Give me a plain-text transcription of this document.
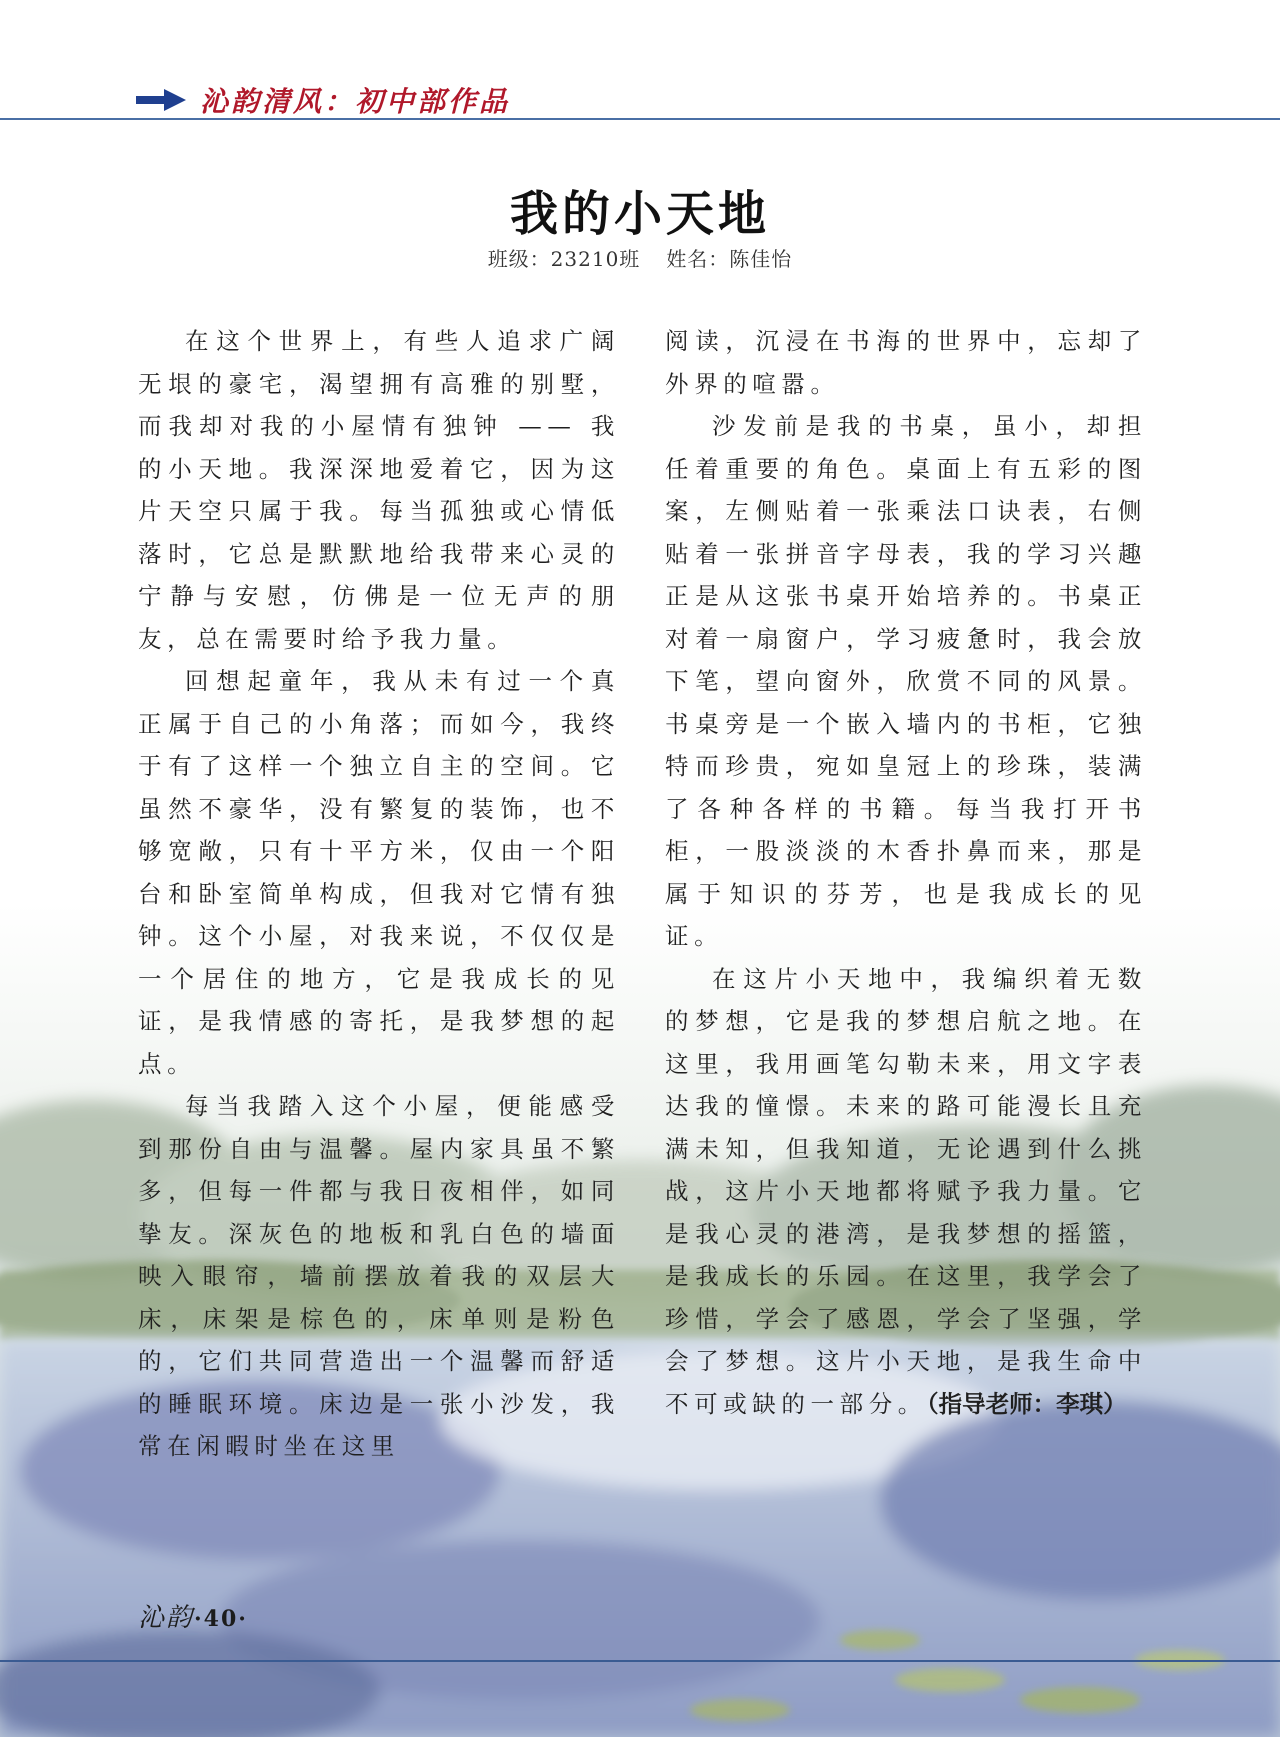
沁韵清风：初中部作品
我的小天地
班级：23210班 姓名：陈佳怡

在这个世界上，有些人追求广阔无垠的豪宅，渴望拥有高雅的别墅，而我却对我的小屋情有独钟 —— 我的小天地。我深深地爱着它，因为这片天空只属于我。每当孤独或心情低落时，它总是默默地给我带来心灵的宁静与安慰，仿佛是一位无声的朋友，总在需要时给予我力量。

回想起童年，我从未有过一个真正属于自己的小角落；而如今，我终于有了这样一个独立自主的空间。它虽然不豪华，没有繁复的装饰，也不够宽敞，只有十平方米，仅由一个阳台和卧室简单构成，但我对它情有独钟。这个小屋，对我来说，不仅仅是一个居住的地方，它是我成长的见证，是我情感的寄托，是我梦想的起点。

每当我踏入这个小屋，便能感受到那份自由与温馨。屋内家具虽不繁多，但每一件都与我日夜相伴，如同挚友。深灰色的地板和乳白色的墙面映入眼帘，墙前摆放着我的双层大床，床架是棕色的，床单则是粉色的，它们共同营造出一个温馨而舒适的睡眠环境。床边是一张小沙发，我常在闲暇时坐在这里

阅读，沉浸在书海的世界中，忘却了外界的喧嚣。

沙发前是我的书桌，虽小，却担任着重要的角色。桌面上有五彩的图案，左侧贴着一张乘法口诀表，右侧贴着一张拼音字母表，我的学习兴趣正是从这张书桌开始培养的。书桌正对着一扇窗户，学习疲惫时，我会放下笔，望向窗外，欣赏不同的风景。书桌旁是一个嵌入墙内的书柜，它独特而珍贵，宛如皇冠上的珍珠，装满了各种各样的书籍。每当我打开书柜，一股淡淡的木香扑鼻而来，那是属于知识的芬芳，也是我成长的见证。

在这片小天地中，我编织着无数的梦想，它是我的梦想启航之地。在这里，我用画笔勾勒未来，用文字表达我的憧憬。未来的路可能漫长且充满未知，但我知道，无论遇到什么挑战，这片小天地都将赋予我力量。它是我心灵的港湾，是我梦想的摇篮，是我成长的乐园。在这里，我学会了珍惜，学会了感恩，学会了坚强，学会了梦想。这片小天地，是我生命中不可或缺的一部分。（指导老师：李琪）

沁韵·40·
